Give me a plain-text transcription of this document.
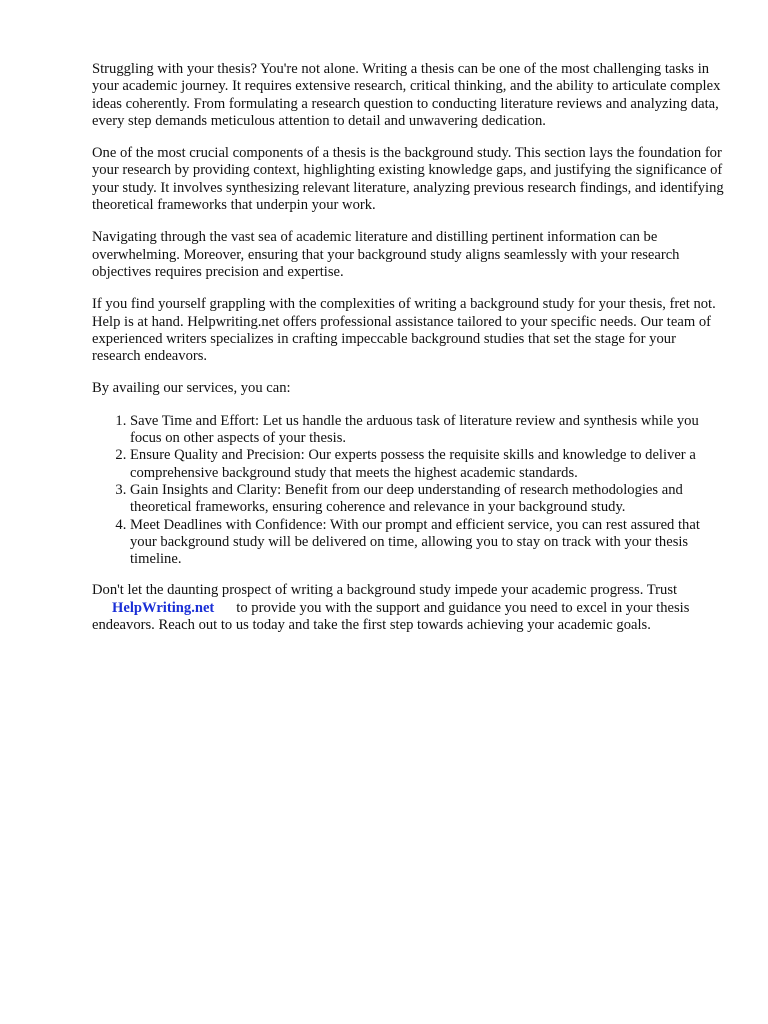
Struggling with your thesis? You're not alone. Writing a thesis can be one of the most challenging tasks in your academic journey. It requires extensive research, critical thinking, and the ability to articulate complex ideas coherently. From formulating a research question to conducting literature reviews and analyzing data, every step demands meticulous attention to detail and unwavering dedication.

One of the most crucial components of a thesis is the background study. This section lays the foundation for your research by providing context, highlighting existing knowledge gaps, and justifying the significance of your study. It involves synthesizing relevant literature, analyzing previous research findings, and identifying theoretical frameworks that underpin your work.

Navigating through the vast sea of academic literature and distilling pertinent information can be overwhelming. Moreover, ensuring that your background study aligns seamlessly with your research objectives requires precision and expertise.

If you find yourself grappling with the complexities of writing a background study for your thesis, fret not. Help is at hand. Helpwriting.net offers professional assistance tailored to your specific needs. Our team of experienced writers specializes in crafting impeccable background studies that set the stage for your research endeavors.

By availing our services, you can:

1. Save Time and Effort: Let us handle the arduous task of literature review and synthesis while you focus on other aspects of your thesis.
2. Ensure Quality and Precision: Our experts possess the requisite skills and knowledge to deliver a comprehensive background study that meets the highest academic standards.
3. Gain Insights and Clarity: Benefit from our deep understanding of research methodologies and theoretical frameworks, ensuring coherence and relevance in your background study.
4. Meet Deadlines with Confidence: With our prompt and efficient service, you can rest assured that your background study will be delivered on time, allowing you to stay on track with your thesis timeline.

Don't let the daunting prospect of writing a background study impede your academic progress. Trust
HelpWriting.net to provide you with the support and guidance you need to excel in your thesis endeavors. Reach out to us today and take the first step towards achieving your academic goals.
